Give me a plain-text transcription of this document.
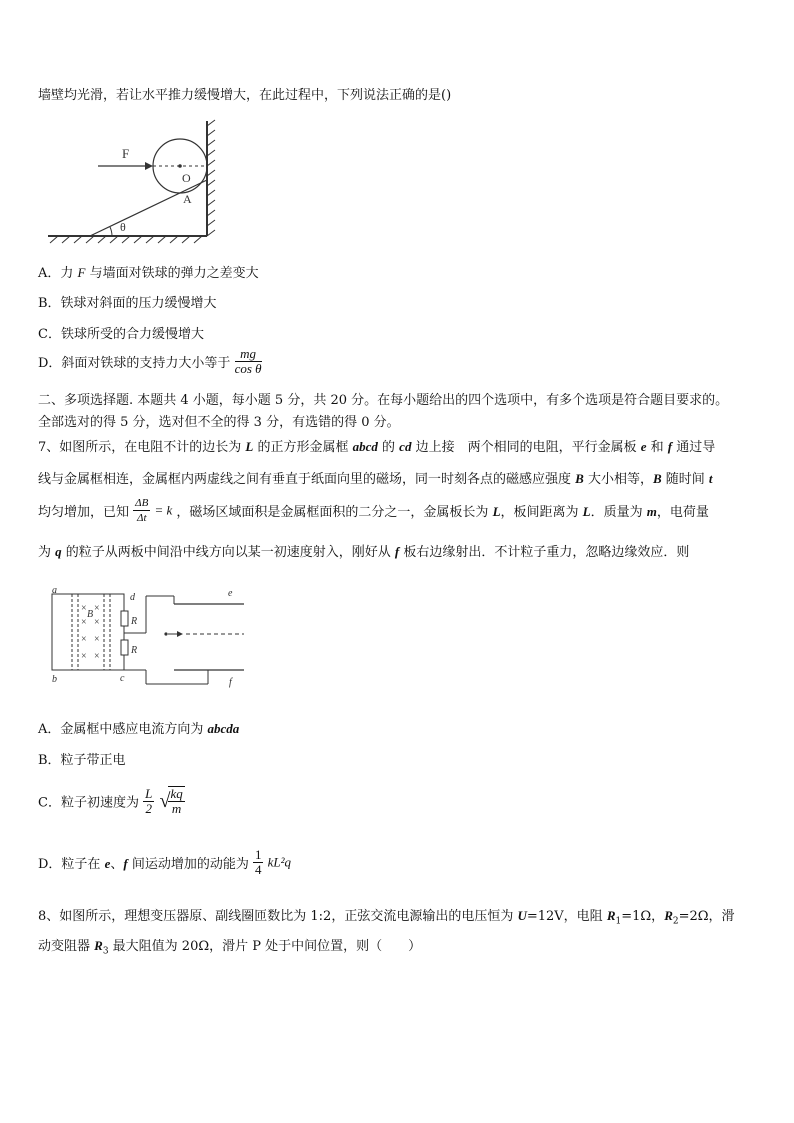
墙壁均光滑，若让水平推力缓慢增大，在此过程中，下列说法正确的是()
F
O
A
θ
A．力 F 与墙面对铁球的弹力之差变大
B．铁球对斜面的压力缓慢增大
C．铁球所受的合力缓慢增大
D．斜面对铁球的支持力大小等于 $\frac{mg}{\text{cos θ}}$
二、多项选择题. 本题共 4 小题，每小题 5 分，共 20 分。在每小题给出的四个选项中，有多个选项是符合题目要求的。
全部选对的得 5 分，选对但不全的得 3 分，有选错的得 0 分。
7、如图所示，在电阻不计的边长为 L 的正方形金属框 abcd 的 cd 边上接　两个相同的电阻，平行金属板 e 和 f 通过导
线与金属框相连，金属框内两虚线之间有垂直于纸面向里的磁场，同一时刻各点的磁感应强度 B 大小相等，B 随时间 t
均匀增加，已知 $\frac{\Delta B}{\Delta t} = k$ ，磁场区域面积是金属框面积的二分之一，金属板长为 L，板间距离为 L．质量为 m，电荷量
为 q 的粒子从两板中间沿中线方向以某一初速度射入，刚好从 f 板右边缘射出．不计粒子重力，忽略边缘效应．则
× ×
× ×
× ×
× ×
B
R
R
a
b	c
d	e
f
A．金属框中感应电流方向为 abcda
B．粒子带正电
C．粒子初速度为 $\frac{L}{2}$ √
$\frac{kq}{m}$
D．粒子在 e、f 间运动增加的动能为 $\frac{1}{4} kL^2q$
8、如图所示，理想变压器原、副线圈匝数比为 1:2，正弦交流电源输出的电压恒为 U=12V，电阻 $R_1=1\Omega$，$R_2=2\Omega$，滑
动变阻器 $R_3$ 最大阻值为 20Ω，滑片 P 处于中间位置，则（　　）
